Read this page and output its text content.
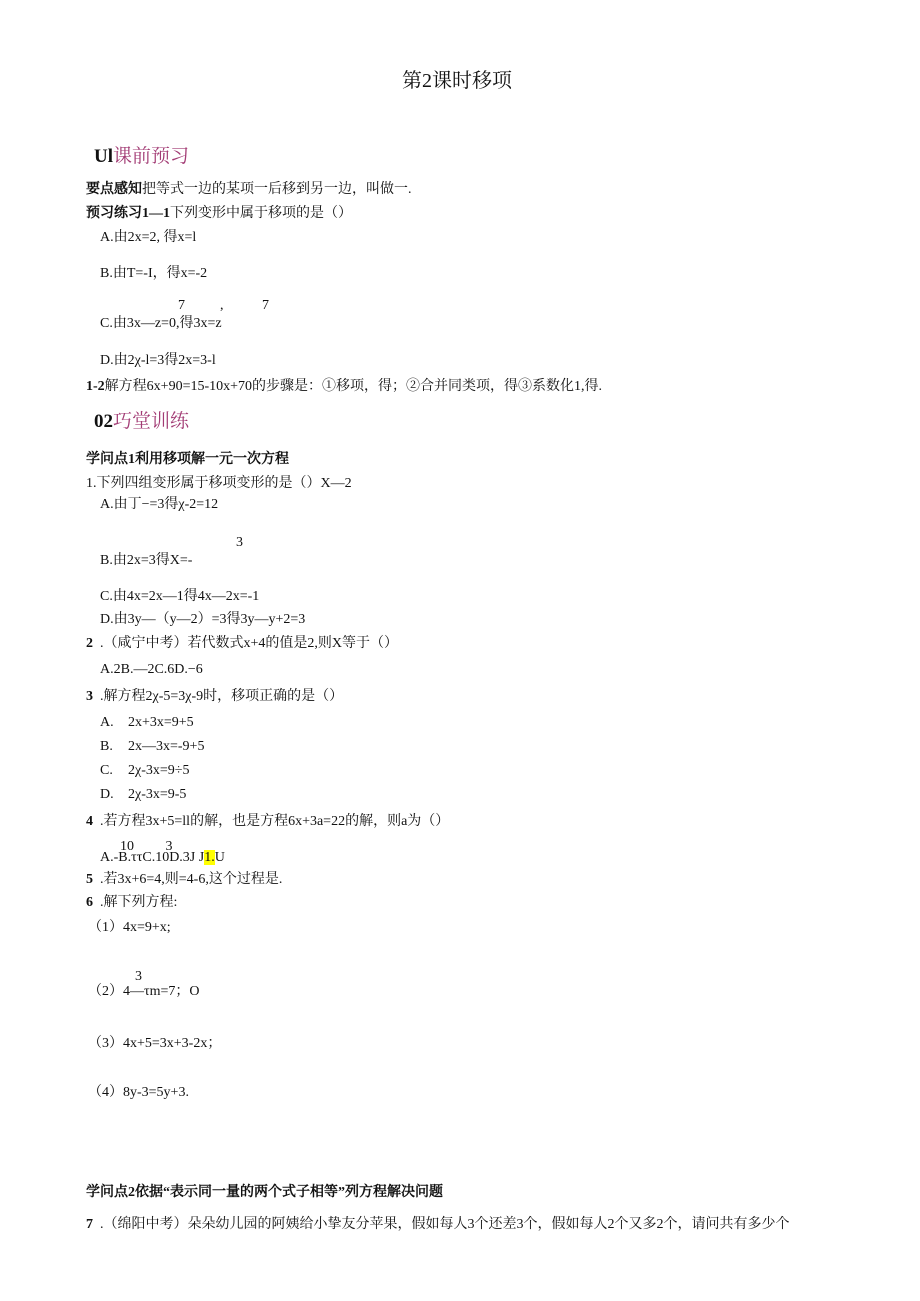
第2课时移项
Ul课前预习
要点感知把等式一边的某项一后移到另一边，叫做一.
预习练习1—1下列变形中属于移项的是（）
A.由2x=2, 得x=l
B.由T=-I，得x=-2
7          ,           7
C.由3x—z=0,得3x=z
D.由2χ-l=3得2x=3-l
1-2解方程6x+90=15-10x+70的步骤是：①移项，得；②合并同类项，得③系数化1,得.
02巧堂训练
学问点1利用移项解一元一次方程
1.下列四组变形属于移项变形的是（）X—2
A.由丁−=3得χ-2=12
3
B.由2x=3得X=-
C.由4x=2x—1得4x—2x=-1
D.由3y—（y—2）=3得3y—y+2=3
2 .（咸宁中考）若代数式x+4的值是2,则X等于（）
A.2B.—2C.6D.−6
3 .解方程2χ-5=3χ-9时，移项正确的是（）
A. 2x+3x=9+5
B. 2x—3x=-9+5
C. 2χ-3x=9÷5
D. 2χ-3x=9-5
4 .若方程3x+5=ll的解，也是方程6x+3a=22的解，则a为（）
10         3
A.-B.ττC.10D.3J J1.U
5 .若3x+6=4,则=4-6,这个过程是.
6 .解下列方程:
（1）4x=9+x;
3
（2）4—τm=7；O
（3）4x+5=3x+3-2x；
（4）8y-3=5y+3.
学问点2依据“表示同一量的两个式子相等”列方程解决问题
7 .（绵阳中考）朵朵幼儿园的阿姨给小挚友分苹果，假如每人3个还差3个，假如每人2个又多2个，请问共有多少个
